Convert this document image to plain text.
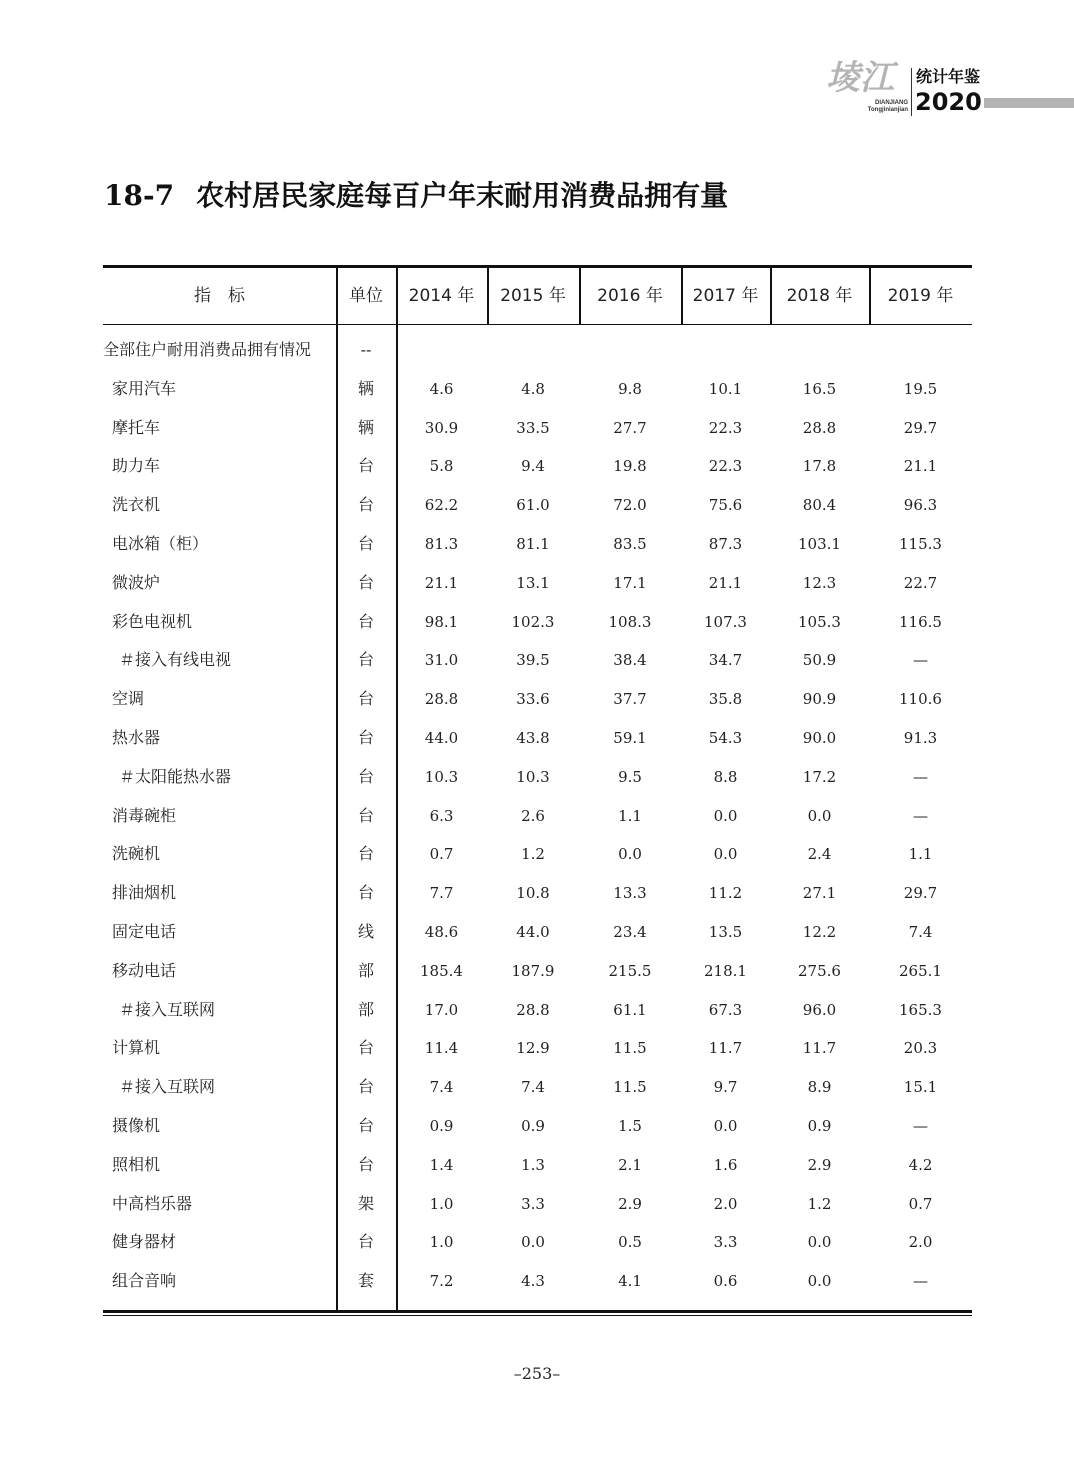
堎江
DIANJIANG
Tongjinianjian
统计年鉴
2020
18-7 农村居民家庭每百户年末耐用消费品拥有量
指　标	单位	2014 年	2015 年	2016 年	2017 年	2018 年	2019 年
全部住户耐用消费品拥有情况	--
家用汽车	辆	4.6	4.8	9.8	10.1	16.5	19.5
摩托车	辆	30.9	33.5	27.7	22.3	28.8	29.7
助力车	台	5.8	9.4	19.8	22.3	17.8	21.1
洗衣机	台	62.2	61.0	72.0	75.6	80.4	96.3
电冰箱（柜）	台	81.3	81.1	83.5	87.3	103.1	115.3
微波炉	台	21.1	13.1	17.1	21.1	12.3	22.7
彩色电视机	台	98.1	102.3	108.3	107.3	105.3	116.5
＃接入有线电视	台	31.0	39.5	38.4	34.7	50.9	—
空调	台	28.8	33.6	37.7	35.8	90.9	110.6
热水器	台	44.0	43.8	59.1	54.3	90.0	91.3
＃太阳能热水器	台	10.3	10.3	9.5	8.8	17.2	—
消毒碗柜	台	6.3	2.6	1.1	0.0	0.0	—
洗碗机	台	0.7	1.2	0.0	0.0	2.4	1.1
排油烟机	台	7.7	10.8	13.3	11.2	27.1	29.7
固定电话	线	48.6	44.0	23.4	13.5	12.2	7.4
移动电话	部	185.4	187.9	215.5	218.1	275.6	265.1
＃接入互联网	部	17.0	28.8	61.1	67.3	96.0	165.3
计算机	台	11.4	12.9	11.5	11.7	11.7	20.3
＃接入互联网	台	7.4	7.4	11.5	9.7	8.9	15.1
摄像机	台	0.9	0.9	1.5	0.0	0.9	—
照相机	台	1.4	1.3	2.1	1.6	2.9	4.2
中高档乐器	架	1.0	3.3	2.9	2.0	1.2	0.7
健身器材	台	1.0	0.0	0.5	3.3	0.0	2.0
组合音响	套	7.2	4.3	4.1	0.6	0.0	—
–253–
